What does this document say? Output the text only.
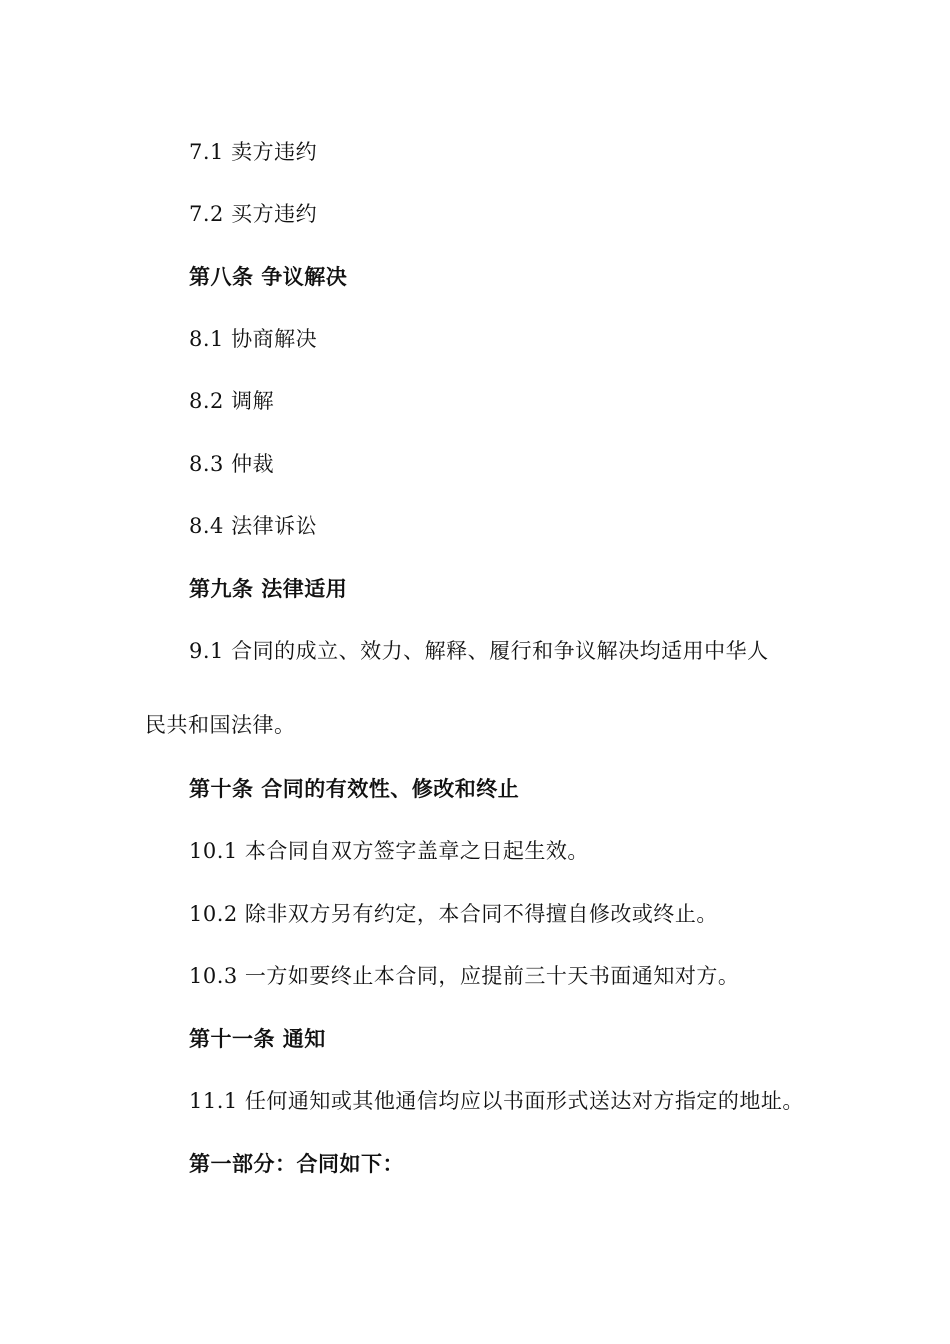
7.1 卖方违约
7.2 买方违约
第八条 争议解决
8.1 协商解决
8.2 调解
8.3 仲裁
8.4 法律诉讼
第九条 法律适用
9.1 合同的成立、效力、解释、履行和争议解决均适用中华人
民共和国法律。
第十条 合同的有效性、修改和终止
10.1 本合同自双方签字盖章之日起生效。
10.2 除非双方另有约定，本合同不得擅自修改或终止。
10.3 一方如要终止本合同，应提前三十天书面通知对方。
第十一条 通知
11.1 任何通知或其他通信均应以书面形式送达对方指定的地址。
第一部分：合同如下：
